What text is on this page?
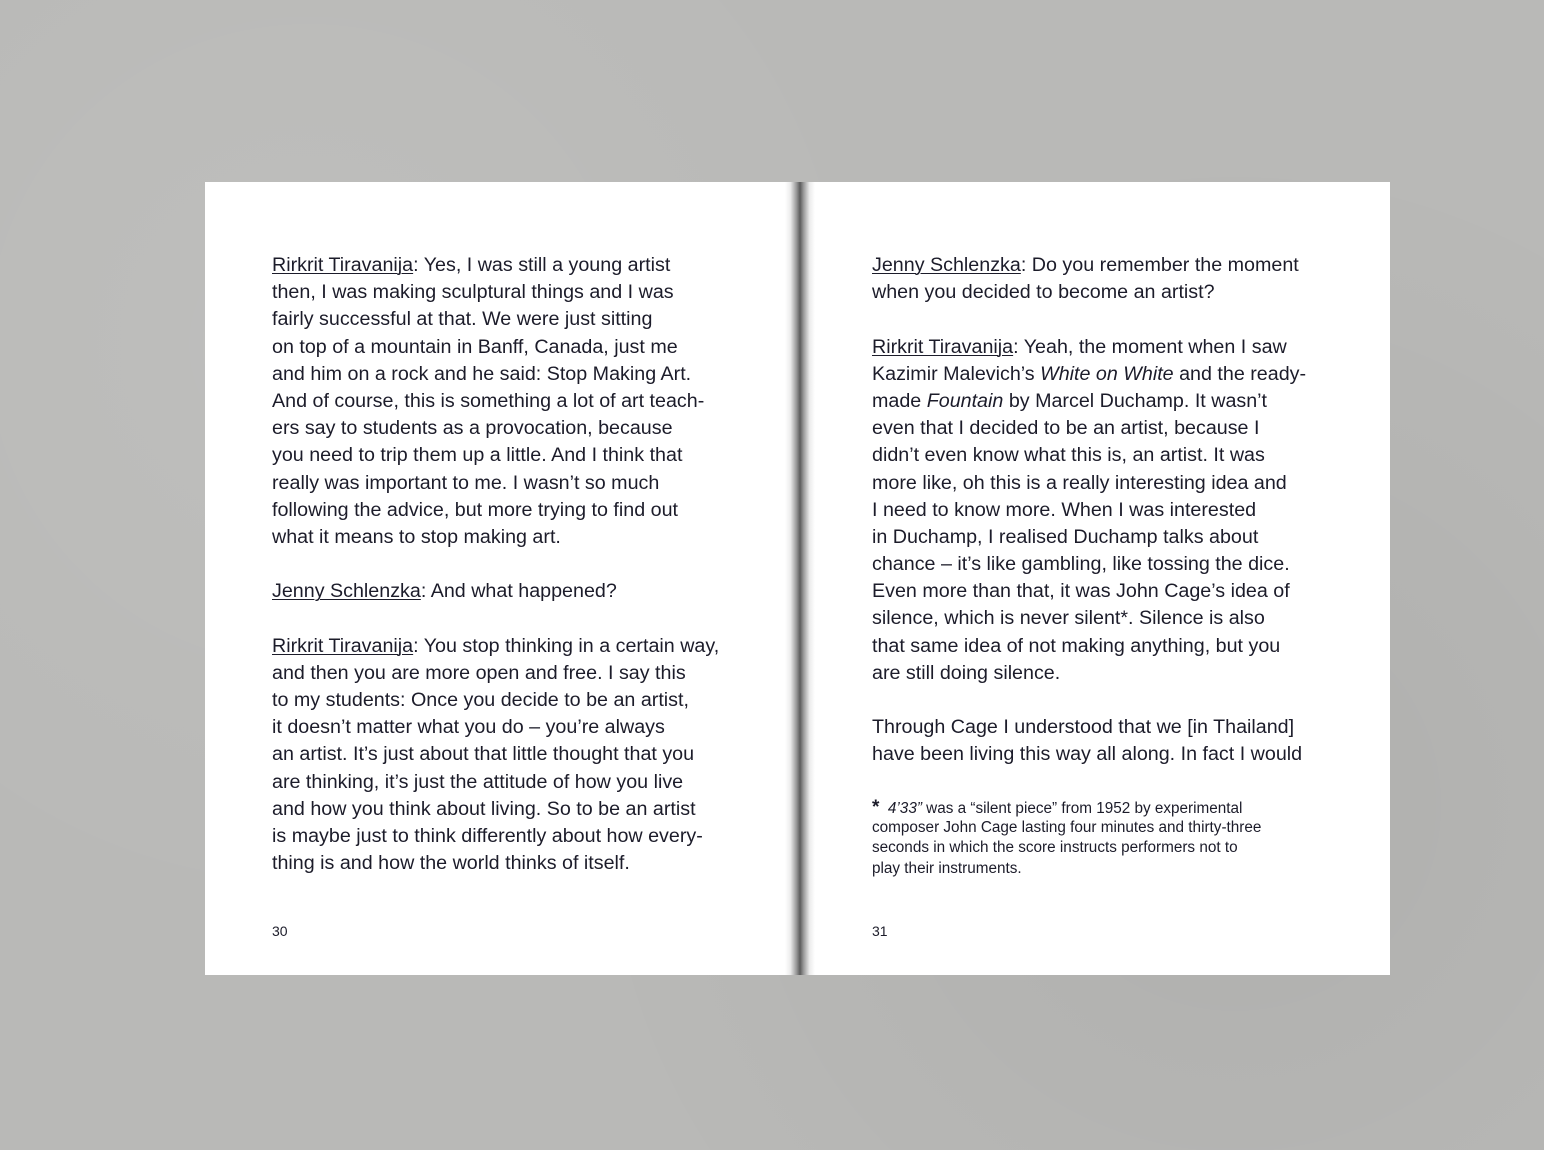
Rirkrit Tiravanija: Yes, I was still a young artist
then, I was making sculptural things and I was
fairly successful at that. We were just sitting
on top of a mountain in Banff, Canada, just me
and him on a rock and he said: Stop Making Art.
And of course, this is something a lot of art teach-
ers say to students as a provocation, because
you need to trip them up a little. And I think that
really was important to me. I wasn’t so much
following the advice, but more trying to find out
what it means to stop making art.
Jenny Schlenzka: And what happened?
Rirkrit Tiravanija: You stop thinking in a certain way,
and then you are more open and free. I say this
to my students: Once you decide to be an artist,
it doesn’t matter what you do – you’re always
an artist. It’s just about that little thought that you
are thinking, it’s just the attitude of how you live
and how you think about living. So to be an artist
is maybe just to think differently about how every-
thing is and how the world thinks of itself.
30
Jenny Schlenzka: Do you remember the moment
when you decided to become an artist?
Rirkrit Tiravanija: Yeah, the moment when I saw
Kazimir Malevich’s White on White and the ready-
made Fountain by Marcel Duchamp. It wasn’t
even that I decided to be an artist, because I
didn’t even know what this is, an artist. It was
more like, oh this is a really interesting idea and
I need to know more. When I was interested
in Duchamp, I realised Duchamp talks about
chance – it’s like gambling, like tossing the dice.
Even more than that, it was John Cage’s idea of
silence, which is never silent*. Silence is also
that same idea of not making anything, but you
are still doing silence.
Through Cage I understood that we [in Thailand]
have been living this way all along. In fact I would
* 4’33” was a “silent piece” from 1952 by experimental
composer John Cage lasting four minutes and thirty-three
seconds in which the score instructs performers not to
play their instruments.
31
